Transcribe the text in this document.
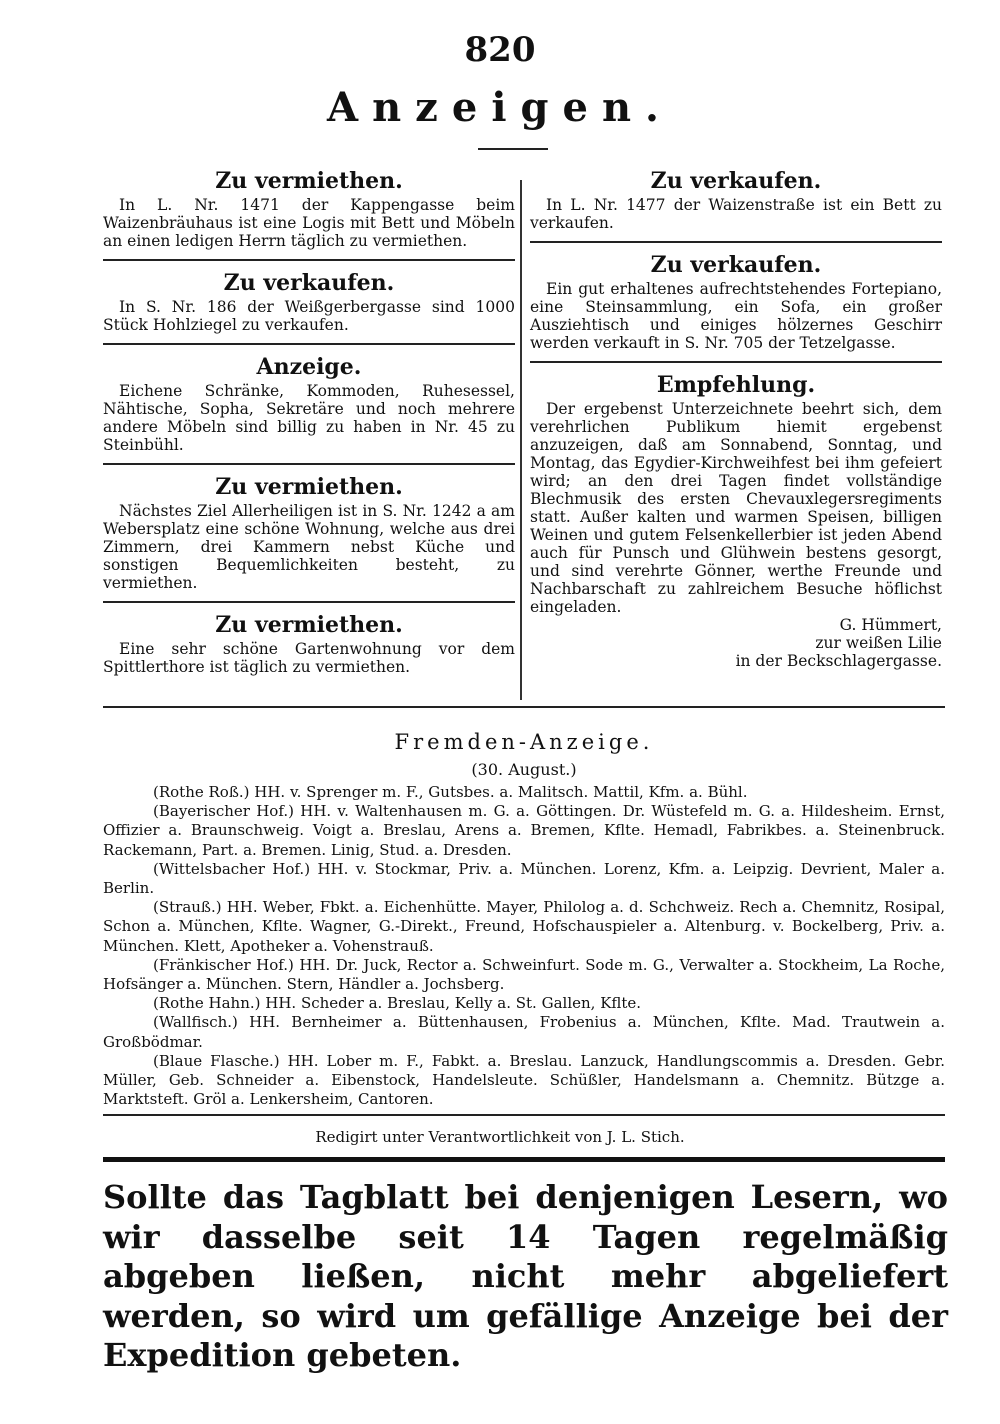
820
Anzeigen.
Zu vermiethen.

In L. Nr. 1471 der Kappengasse beim Waizenbräuhaus ist eine Logis mit Bett und Möbeln an einen ledigen Herrn täglich zu vermiethen.

Zu verkaufen.

In S. Nr. 186 der Weißgerbergasse sind 1000 Stück Hohlziegel zu verkaufen.

Anzeige.

Eichene Schränke, Kommoden, Ruhesessel, Nähtische, Sopha, Sekretäre und noch mehrere andere Möbeln sind billig zu haben in Nr. 45 zu Steinbühl.

Zu vermiethen.

Nächstes Ziel Allerheiligen ist in S. Nr. 1242 a am Webersplatz eine schöne Wohnung, welche aus drei Zimmern, drei Kammern nebst Küche und sonstigen Bequemlichkeiten besteht, zu vermiethen.

Zu vermiethen.

Eine sehr schöne Gartenwohnung vor dem Spittlerthore ist täglich zu vermiethen.

Zu verkaufen.

In L. Nr. 1477 der Waizenstraße ist ein Bett zu verkaufen.

Zu verkaufen.

Ein gut erhaltenes aufrechtstehendes Fortepiano, eine Steinsammlung, ein Sofa, ein großer Ausziehtisch und einiges hölzernes Geschirr werden verkauft in S. Nr. 705 der Tetzelgasse.

Empfehlung.

Der ergebenst Unterzeichnete beehrt sich, dem verehrlichen Publikum hiemit ergebenst anzuzeigen, daß am Sonnabend, Sonntag, und Montag, das Egydier-Kirchweihfest bei ihm gefeiert wird; an den drei Tagen findet vollständige Blechmusik des ersten Chevauxlegersregiments statt. Außer kalten und warmen Speisen, billigen Weinen und gutem Felsenkellerbier ist jeden Abend auch für Punsch und Glühwein bestens gesorgt, und sind verehrte Gönner, werthe Freunde und Nachbarschaft zu zahlreichem Besuche höflichst eingeladen.

G. Hümmert,
zur weißen Lilie
in der Beckschlagergasse.
Fremden-Anzeige.
(30. August.)

(Rothe Roß.) HH. v. Sprenger m. F., Gutsbes. a. Malitsch. Mattil, Kfm. a. Bühl.

(Bayerischer Hof.) HH. v. Waltenhausen m. G. a. Göttingen. Dr. Wüstefeld m. G. a. Hildesheim. Ernst, Offizier a. Braunschweig. Voigt a. Breslau, Arens a. Bremen, Kflte. Hemadl, Fabrikbes. a. Steinenbruck. Rackemann, Part. a. Bremen. Linig, Stud. a. Dresden.

(Wittelsbacher Hof.) HH. v. Stockmar, Priv. a. München. Lorenz, Kfm. a. Leipzig. Devrient, Maler a. Berlin.

(Strauß.) HH. Weber, Fbkt. a. Eichenhütte. Mayer, Philolog a. d. Schchweiz. Rech a. Chemnitz, Rosipal, Schon a. München, Kflte. Wagner, G.-Direkt., Freund, Hofschauspieler a. Altenburg. v. Bockelberg, Priv. a. München. Klett, Apotheker a. Vohenstrauß.

(Fränkischer Hof.) HH. Dr. Juck, Rector a. Schweinfurt. Sode m. G., Verwalter a. Stockheim, La Roche, Hofsänger a. München. Stern, Händler a. Jochsberg.

(Rothe Hahn.) HH. Scheder a. Breslau, Kelly a. St. Gallen, Kflte.

(Wallfisch.) HH. Bernheimer a. Büttenhausen, Frobenius a. München, Kflte. Mad. Trautwein a. Großbödmar.

(Blaue Flasche.) HH. Lober m. F., Fabkt. a. Breslau. Lanzuck, Handlungscommis a. Dresden. Gebr. Müller, Geb. Schneider a. Eibenstock, Handelsleute. Schüßler, Handelsmann a. Chemnitz. Bützge a. Marktsteft. Gröl a. Lenkersheim, Cantoren.

Redigirt unter Verantwortlichkeit von J. L. Stich.
Sollte das Tagblatt bei denjenigen Lesern, wo wir dasselbe seit 14 Tagen regelmäßig abgeben ließen, nicht mehr abgeliefert werden, so wird um gefällige Anzeige bei der Expedition gebeten.
